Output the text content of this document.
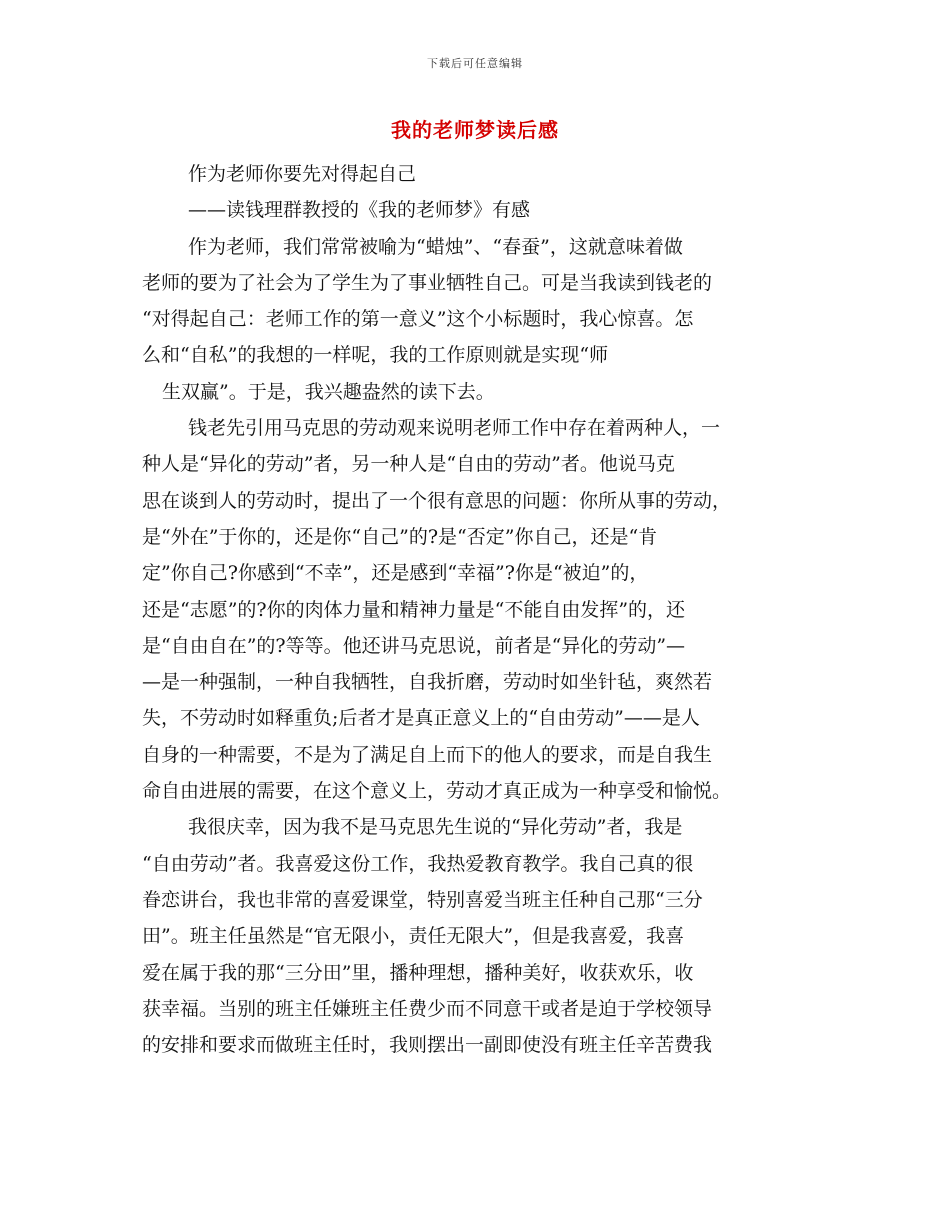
下载后可任意编辑
我的老师梦读后感
作为老师你要先对得起自己
——读钱理群教授的《我的老师梦》有感
作为老师，我们常常被喻为“蜡烛”、“春蚕”，这就意味着做
老师的要为了社会为了学生为了事业牺牲自己。可是当我读到钱老的
“对得起自己：老师工作的第一意义”这个小标题时，我心惊喜。怎
么和“自私”的我想的一样呢，我的工作原则就是实现“师
生双赢”。于是，我兴趣盎然的读下去。
钱老先引用马克思的劳动观来说明老师工作中存在着两种人，一
种人是“异化的劳动”者，另一种人是“自由的劳动”者。他说马克
思在谈到人的劳动时，提出了一个很有意思的问题：你所从事的劳动，
是“外在”于你的，还是你“自己”的?是“否定”你自己，还是“肯
定”你自己?你感到“不幸”，还是感到“幸福”?你是“被迫”的，
还是“志愿”的?你的肉体力量和精神力量是“不能自由发挥”的，还
是“自由自在”的?等等。他还讲马克思说，前者是“异化的劳动”—
—是一种强制，一种自我牺牲，自我折磨，劳动时如坐针毡，爽然若
失，不劳动时如释重负;后者才是真正意义上的“自由劳动”——是人
自身的一种需要，不是为了满足自上而下的他人的要求，而是自我生
命自由进展的需要，在这个意义上，劳动才真正成为一种享受和愉悦。
我很庆幸，因为我不是马克思先生说的“异化劳动”者，我是
“自由劳动”者。我喜爱这份工作，我热爱教育教学。我自己真的很
眷恋讲台，我也非常的喜爱课堂，特别喜爱当班主任种自己那“三分
田”。班主任虽然是“官无限小，责任无限大”，但是我喜爱，我喜
爱在属于我的那“三分田”里，播种理想，播种美好，收获欢乐，收
获幸福。当别的班主任嫌班主任费少而不同意干或者是迫于学校领导
的安排和要求而做班主任时，我则摆出一副即使没有班主任辛苦费我
